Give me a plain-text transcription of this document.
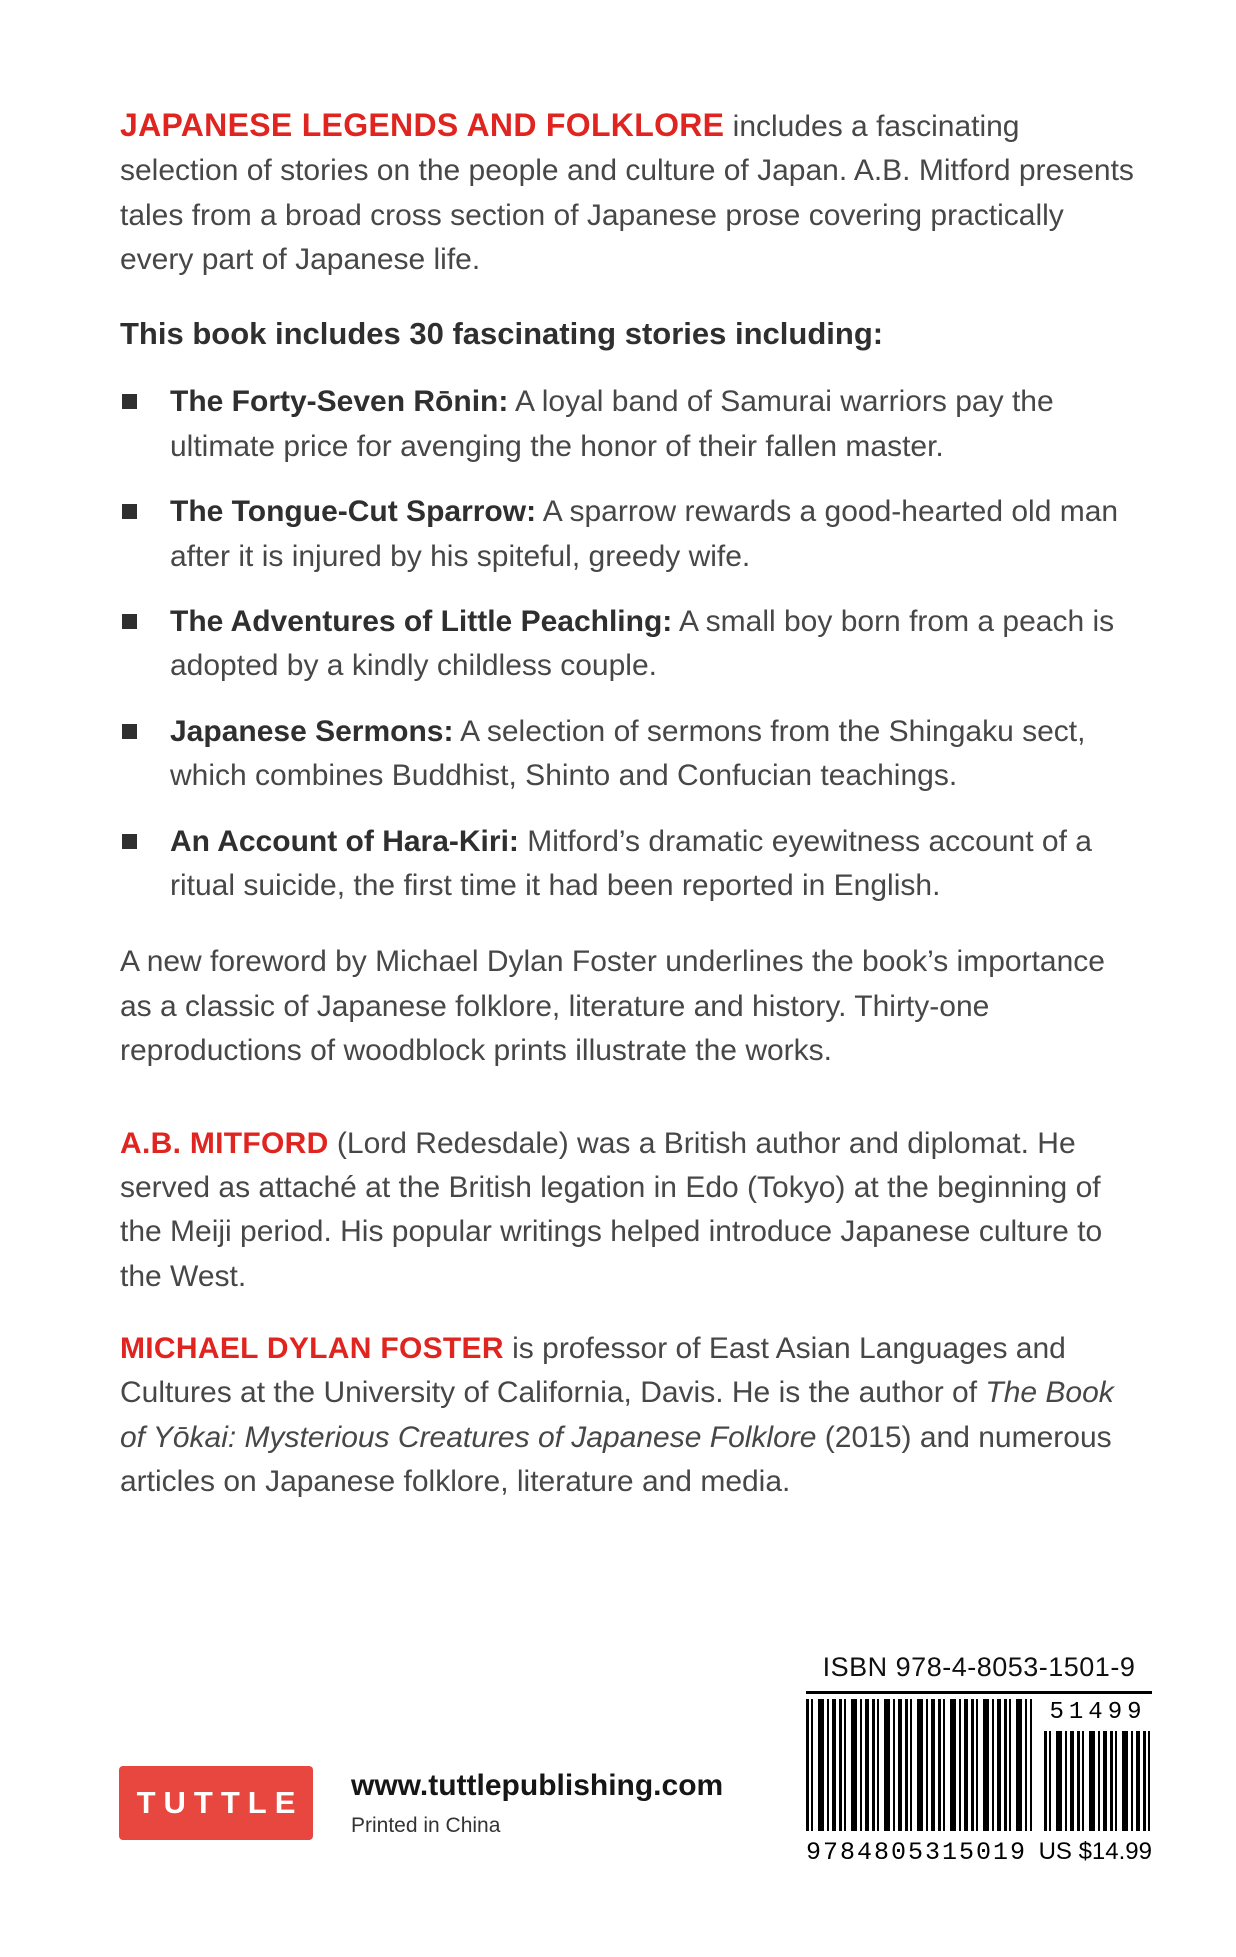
JAPANESE LEGENDS AND FOLKLORE includes a fascinating selection of stories on the people and culture of Japan. A.B. Mitford presents tales from a broad cross section of Japanese prose covering practically every part of Japanese life.

This book includes 30 fascinating stories including:
The Forty-Seven Rōnin: A loyal band of Samurai warriors pay the ultimate price for avenging the honor of their fallen master.
The Tongue-Cut Sparrow: A sparrow rewards a good-hearted old man after it is injured by his spiteful, greedy wife.
The Adventures of Little Peachling: A small boy born from a peach is adopted by a kindly childless couple.
Japanese Sermons: A selection of sermons from the Shingaku sect, which combines Buddhist, Shinto and Confucian teachings.
An Account of Hara-Kiri: Mitford’s dramatic eyewitness account of a ritual suicide, the first time it had been reported in English.

A new foreword by Michael Dylan Foster underlines the book’s importance as a classic of Japanese folklore, literature and history. Thirty-one reproductions of woodblock prints illustrate the works.

A.B. MITFORD (Lord Redesdale) was a British author and diplomat. He served as attaché at the British legation in Edo (Tokyo) at the beginning of the Meiji period. His popular writings helped introduce Japanese culture to the West.

MICHAEL DYLAN FOSTER is professor of East Asian Languages and Cultures at the University of California, Davis. He is the author of The Book of Yōkai: Mysterious Creatures of Japanese Folklore (2015) and numerous articles on Japanese folklore, literature and media.

ISBN 978-4-8053-1501-9
51499
9784805315019 US $14.99
TUTTLE www.tuttlepublishing.com
Printed in China
